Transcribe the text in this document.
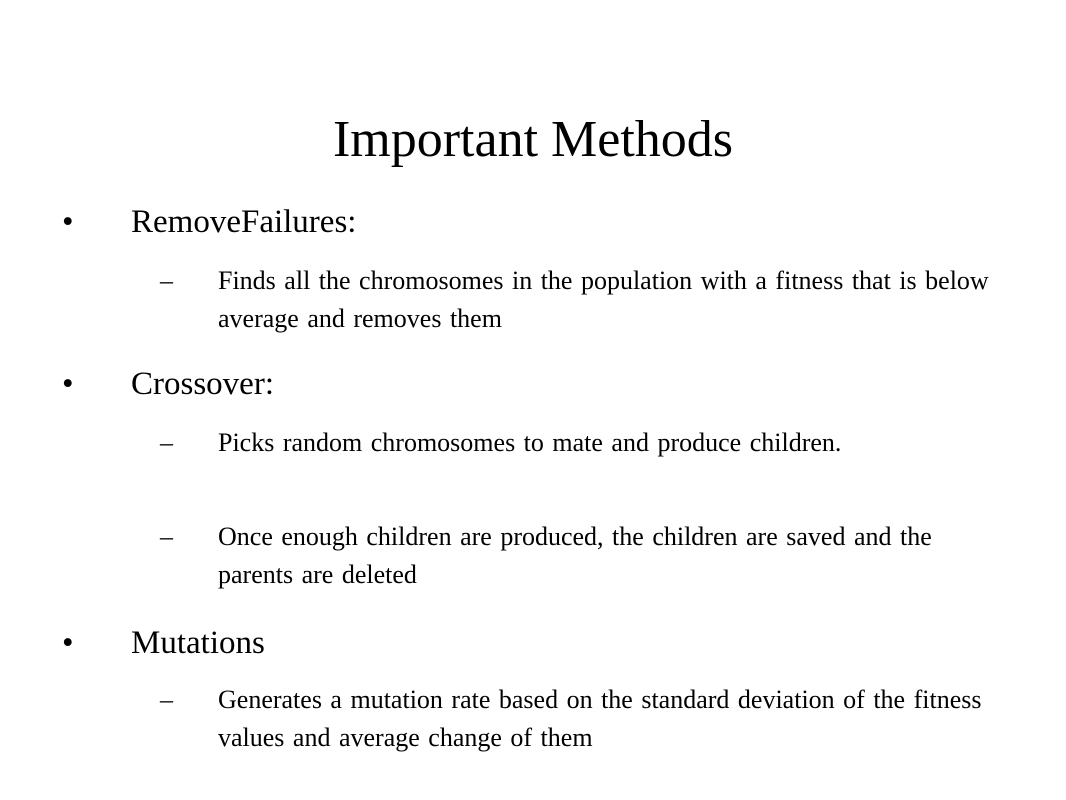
Important Methods
• RemoveFailures:
– Finds all the chromosomes in the population with a fitness that is below average and removes them
• Crossover:
– Picks random chromosomes to mate and produce children.
– Once enough children are produced, the children are saved and the parents are deleted
• Mutations
– Generates a mutation rate based on the standard deviation of the fitness values and average change of them
